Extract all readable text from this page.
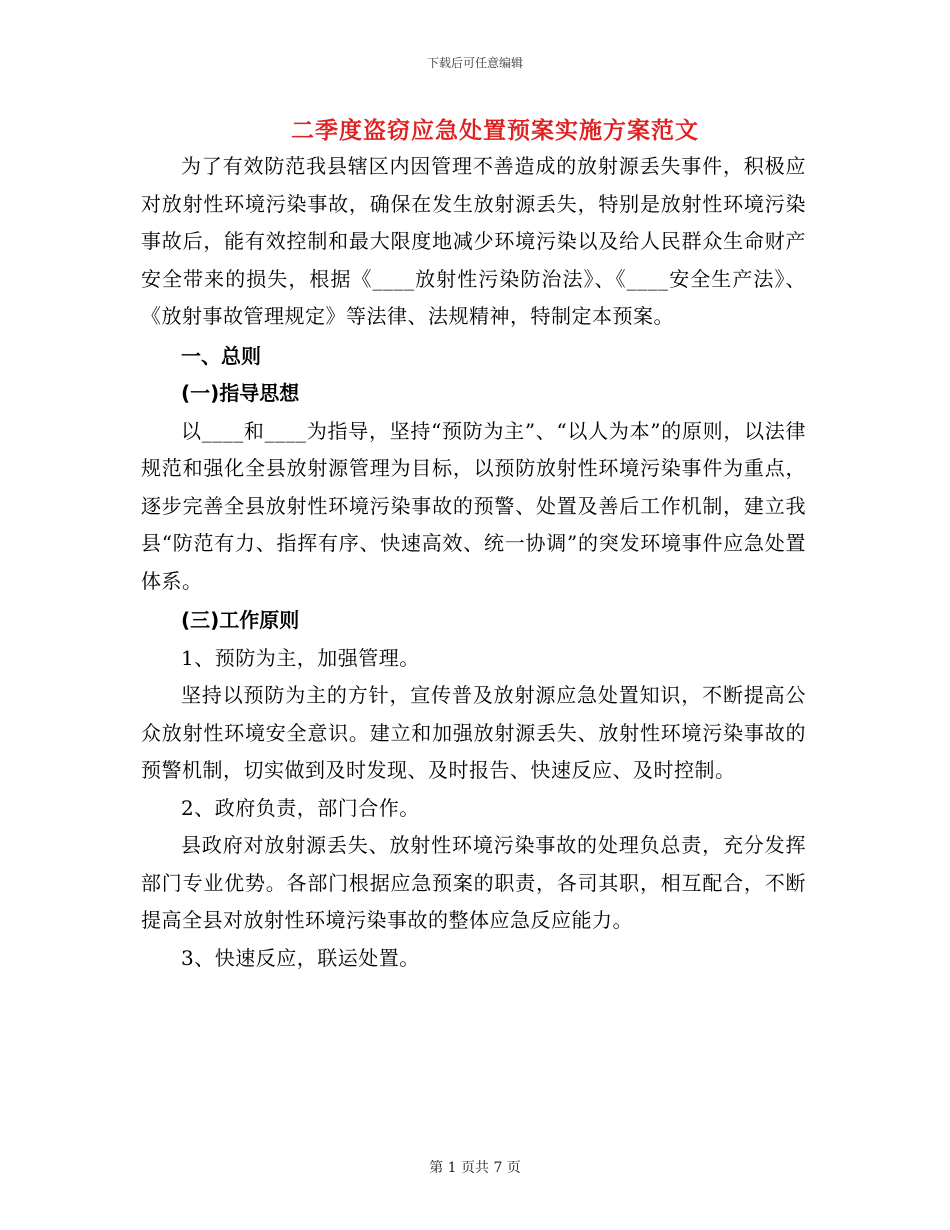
下载后可任意编辑
二季度盗窃应急处置预案实施方案范文

为了有效防范我县辖区内因管理不善造成的放射源丢失事件，积极应对放射性环境污染事故，确保在发生放射源丢失，特别是放射性环境污染事故后，能有效控制和最大限度地减少环境污染以及给人民群众生命财产安全带来的损失，根据《____放射性污染防治法》、《____安全生产法》、《放射事故管理规定》等法律、法规精神，特制定本预案。

一、总则

(一)指导思想

以____和____为指导，坚持“预防为主”、“以人为本”的原则，以法律规范和强化全县放射源管理为目标，以预防放射性环境污染事件为重点，逐步完善全县放射性环境污染事故的预警、处置及善后工作机制，建立我县“防范有力、指挥有序、快速高效、统一协调”的突发环境事件应急处置体系。

(三)工作原则

1、预防为主，加强管理。

坚持以预防为主的方针，宣传普及放射源应急处置知识，不断提高公众放射性环境安全意识。建立和加强放射源丢失、放射性环境污染事故的预警机制，切实做到及时发现、及时报告、快速反应、及时控制。

2、政府负责，部门合作。

县政府对放射源丢失、放射性环境污染事故的处理负总责，充分发挥部门专业优势。各部门根据应急预案的职责，各司其职，相互配合，不断提高全县对放射性环境污染事故的整体应急反应能力。

3、快速反应，联运处置。

第 1 页共 7 页
